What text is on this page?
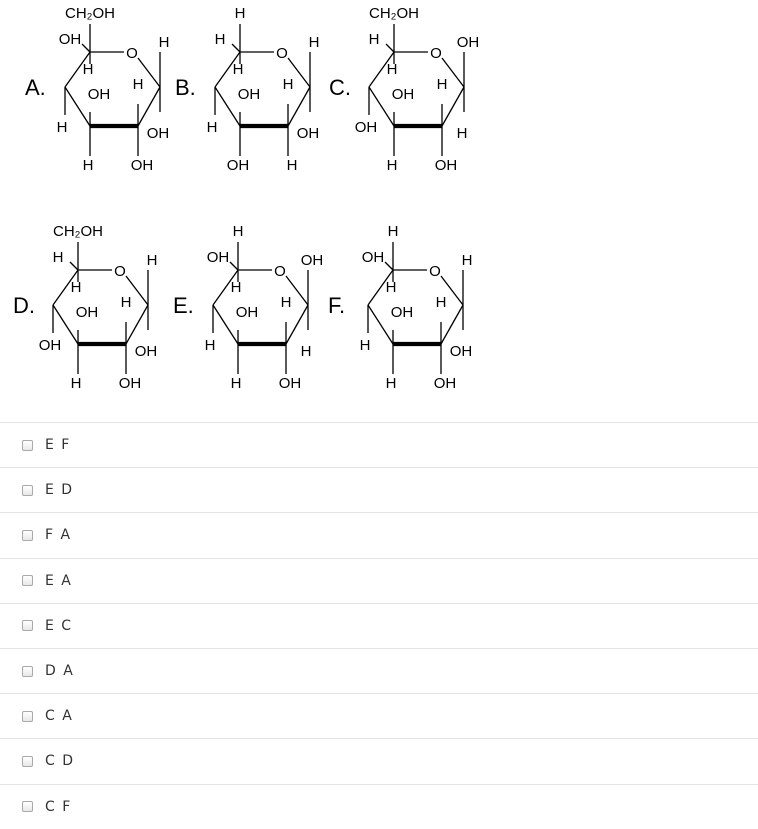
O
CH₂OH
OH
H
H
H
OH
H
H
OH
OH
A.
O
H
H
H
H
H
OH
H
OH
OH
H
B.
O
CH₂OH
H
H
OH
H
OH
OH
H
H
OH
C.
O
CH₂OH
H
H
H
H
OH
OH
H
OH
OH
D.
O
H
OH
H
OH
H
OH
H
H
H
OH
E.
O
H
OH
H
H
H
OH
H
H
OH
OH
F.
E F
E D
F A
E A
E C
D A
C A
C D
C F
